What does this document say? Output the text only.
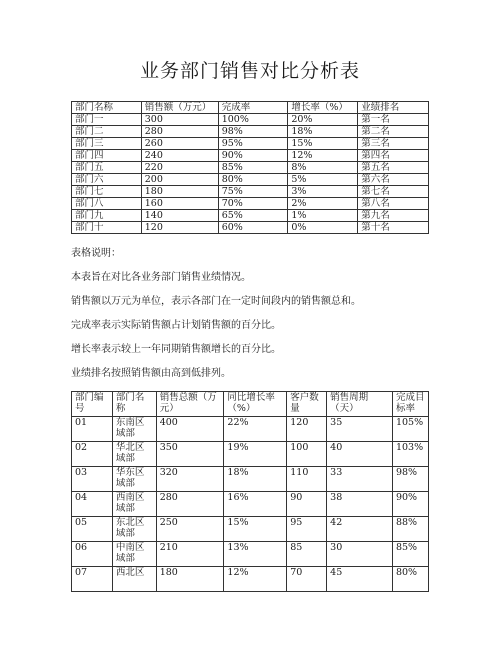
业务部门销售对比分析表
部门名称	销售额（万元）	完成率	增长率（%）	业绩排名
部门一	300	100%	20%	第一名
部门二	280	98%	18%	第二名
部门三	260	95%	15%	第三名
部门四	240	90%	12%	第四名
部门五	220	85%	8%	第五名
部门六	200	80%	5%	第六名
部门七	180	75%	3%	第七名
部门八	160	70%	2%	第八名
部门九	140	65%	1%	第九名
部门十	120	60%	0%	第十名
表格说明：
本表旨在对比各业务部门销售业绩情况。
销售额以万元为单位，表示各部门在一定时间段内的销售额总和。
完成率表示实际销售额占计划销售额的百分比。
增长率表示较上一年同期销售额增长的百分比。
业绩排名按照销售额由高到低排列。
部门编号	部门名称	销售总额（万元）	同比增长率（%）	客户数量	销售周期（天）	完成目标率
01	东南区域部	400	22%	120	35	105%
02	华北区域部	350	19%	100	40	103%
03	华东区域部	320	18%	110	33	98%
04	西南区域部	280	16%	90	38	90%
05	东北区域部	250	15%	95	42	88%
06	中南区域部	210	13%	85	30	85%
07	西北区	180	12%	70	45	80%
